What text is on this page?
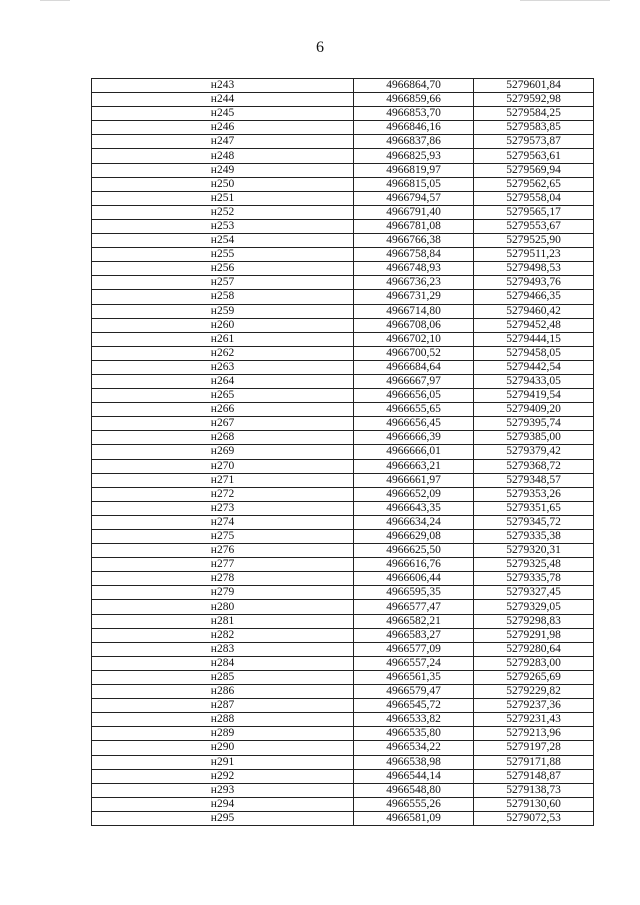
6
н243	4966864,70	5279601,84
н244	4966859,66	5279592,98
н245	4966853,70	5279584,25
н246	4966846,16	5279583,85
н247	4966837,86	5279573,87
н248	4966825,93	5279563,61
н249	4966819,97	5279569,94
н250	4966815,05	5279562,65
н251	4966794,57	5279558,04
н252	4966791,40	5279565,17
н253	4966781,08	5279553,67
н254	4966766,38	5279525,90
н255	4966758,84	5279511,23
н256	4966748,93	5279498,53
н257	4966736,23	5279493,76
н258	4966731,29	5279466,35
н259	4966714,80	5279460,42
н260	4966708,06	5279452,48
н261	4966702,10	5279444,15
н262	4966700,52	5279458,05
н263	4966684,64	5279442,54
н264	4966667,97	5279433,05
н265	4966656,05	5279419,54
н266	4966655,65	5279409,20
н267	4966656,45	5279395,74
н268	4966666,39	5279385,00
н269	4966666,01	5279379,42
н270	4966663,21	5279368,72
н271	4966661,97	5279348,57
н272	4966652,09	5279353,26
н273	4966643,35	5279351,65
н274	4966634,24	5279345,72
н275	4966629,08	5279335,38
н276	4966625,50	5279320,31
н277	4966616,76	5279325,48
н278	4966606,44	5279335,78
н279	4966595,35	5279327,45
н280	4966577,47	5279329,05
н281	4966582,21	5279298,83
н282	4966583,27	5279291,98
н283	4966577,09	5279280,64
н284	4966557,24	5279283,00
н285	4966561,35	5279265,69
н286	4966579,47	5279229,82
н287	4966545,72	5279237,36
н288	4966533,82	5279231,43
н289	4966535,80	5279213,96
н290	4966534,22	5279197,28
н291	4966538,98	5279171,88
н292	4966544,14	5279148,87
н293	4966548,80	5279138,73
н294	4966555,26	5279130,60
н295	4966581,09	5279072,53
